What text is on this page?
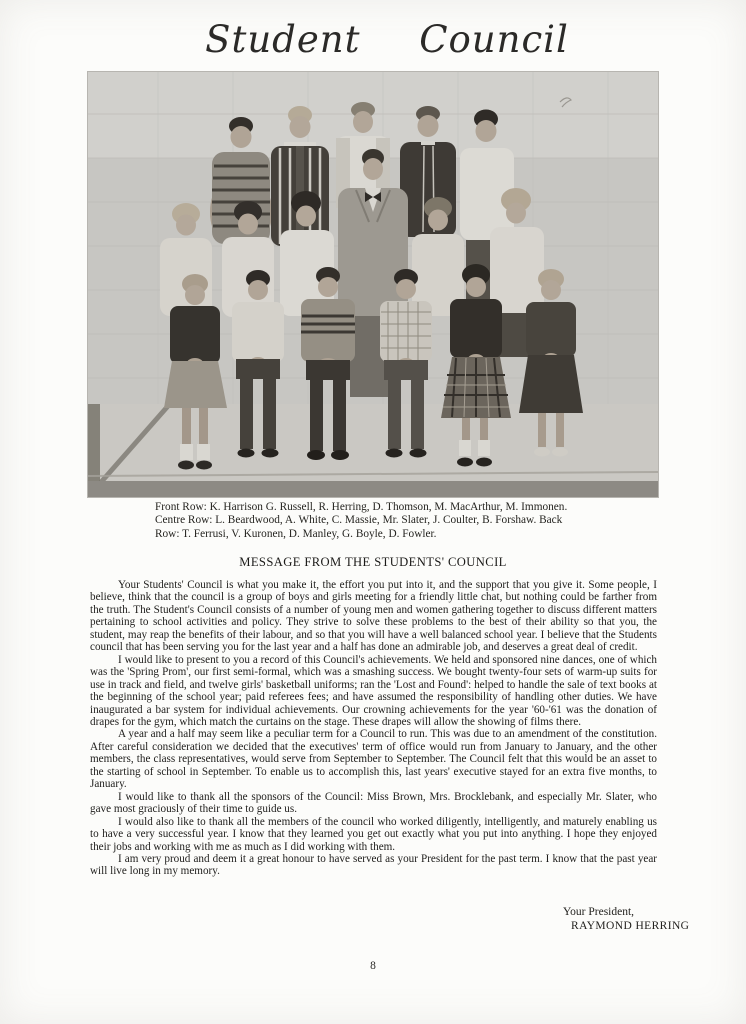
Student Council
Front Row: K. Harrison G. Russell, R. Herring, D. Thomson, M. MacArthur, M. Immonen.
Centre Row: L. Beardwood, A. White, C. Massie, Mr. Slater, J. Coulter, B. Forshaw. Back
Row: T. Ferrusi, V. Kuronen, D. Manley, G. Boyle, D. Fowler.
MESSAGE FROM THE STUDENTS' COUNCIL

Your Students' Council is what you make it, the effort you put into it, and the support that you give it. Some people, I believe, think that the council is a group of boys and girls meeting for a friendly little chat, but nothing could be farther from the truth. The Student's Council consists of a number of young men and women gathering together to discuss different matters pertaining to school activities and policy. They strive to solve these problems to the best of their ability so that you, the student, may reap the benefits of their labour, and so that you will have a well balanced school year. I believe that the Students council that has been serving you for the last year and a half has done an admirable job, and deserves a great deal of credit.

I would like to present to you a record of this Council's achievements. We held and sponsored nine dances, one of which was the 'Spring Prom', our first semi-formal, which was a smashing success. We bought twenty-four sets of warm-up suits for use in track and field, and twelve girls' basketball uniforms; ran the 'Lost and Found': helped to handle the sale of text books at the beginning of the school year; paid referees fees; and have assumed the responsibility of handling other duties. We have inaugurated a bar system for individual achievements. Our crowning achievements for the year '60-'61 was the donation of drapes for the gym, which match the curtains on the stage. These drapes will allow the showing of films there.

A year and a half may seem like a peculiar term for a Council to run. This was due to an amendment of the constitution. After careful consideration we decided that the executives' term of office would run from January to January, and the other members, the class representatives, would serve from September to September. The Council felt that this would be an asset to the starting of school in September. To enable us to accomplish this, last years' executive stayed for an extra five months, to January.

I would like to thank all the sponsors of the Council: Miss Brown, Mrs. Brocklebank, and especially Mr. Slater, who gave most graciously of their time to guide us.

I would also like to thank all the members of the council who worked diligently, intelligently, and maturely enabling us to have a very successful year. I know that they learned you get out exactly what you put into anything. I hope they enjoyed their jobs and working with me as much as I did working with them.

I am very proud and deem it a great honour to have served as your President for the past term. I know that the past year will live long in my memory.

Your President,
RAYMOND HERRING
8
